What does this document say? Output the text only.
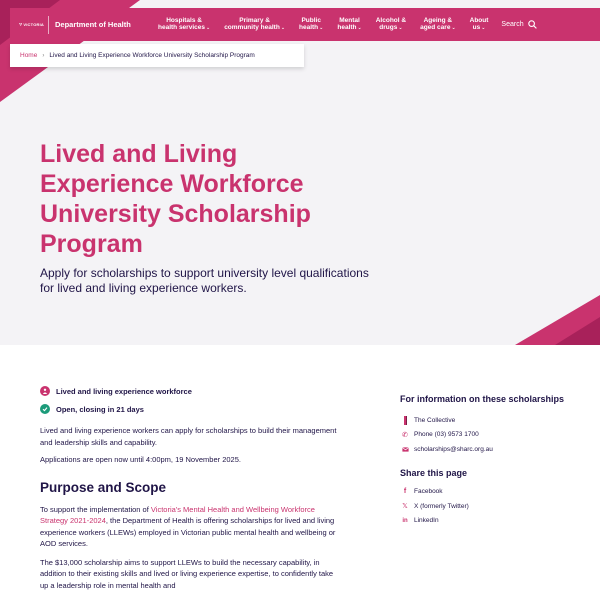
VICTORIA Department of Health	Hospitals &
health services⌄
Primary &
community health⌄
Public
health⌄
Mental
health⌄
Alcohol &
drugs⌄
Ageing &
aged care⌄
About
us⌄
Search
Home › Lived and Living Experience Workforce University Scholarship Program
Lived and Living Experience Workforce University Scholarship Program

Apply for scholarships to support university level qualifications for lived and living experience workers.

Lived and living experience workforce
Open, closing in 21 days

Lived and living experience workers can apply for scholarships to build their management and leadership skills and capability.

Applications are open now until 4:00pm, 19 November 2025.

Purpose and Scope

To support the implementation of Victoria's Mental Health and Wellbeing Workforce Strategy 2021-2024, the Department of Health is offering scholarships for lived and living experience workers (LLEWs) employed in Victorian public mental health and wellbeing or AOD services.

The $13,000 scholarship aims to support LLEWs to build the necessary capability, in addition to their existing skills and lived or living experience expertise, to confidently take up a leadership role in mental health and

For information on these scholarships
The Collective
✆ Phone (03) 9573 1700
scholarships@sharc.org.au
Share this page
f	Facebook
𝕏 X (formerly Twitter)
in LinkedIn
